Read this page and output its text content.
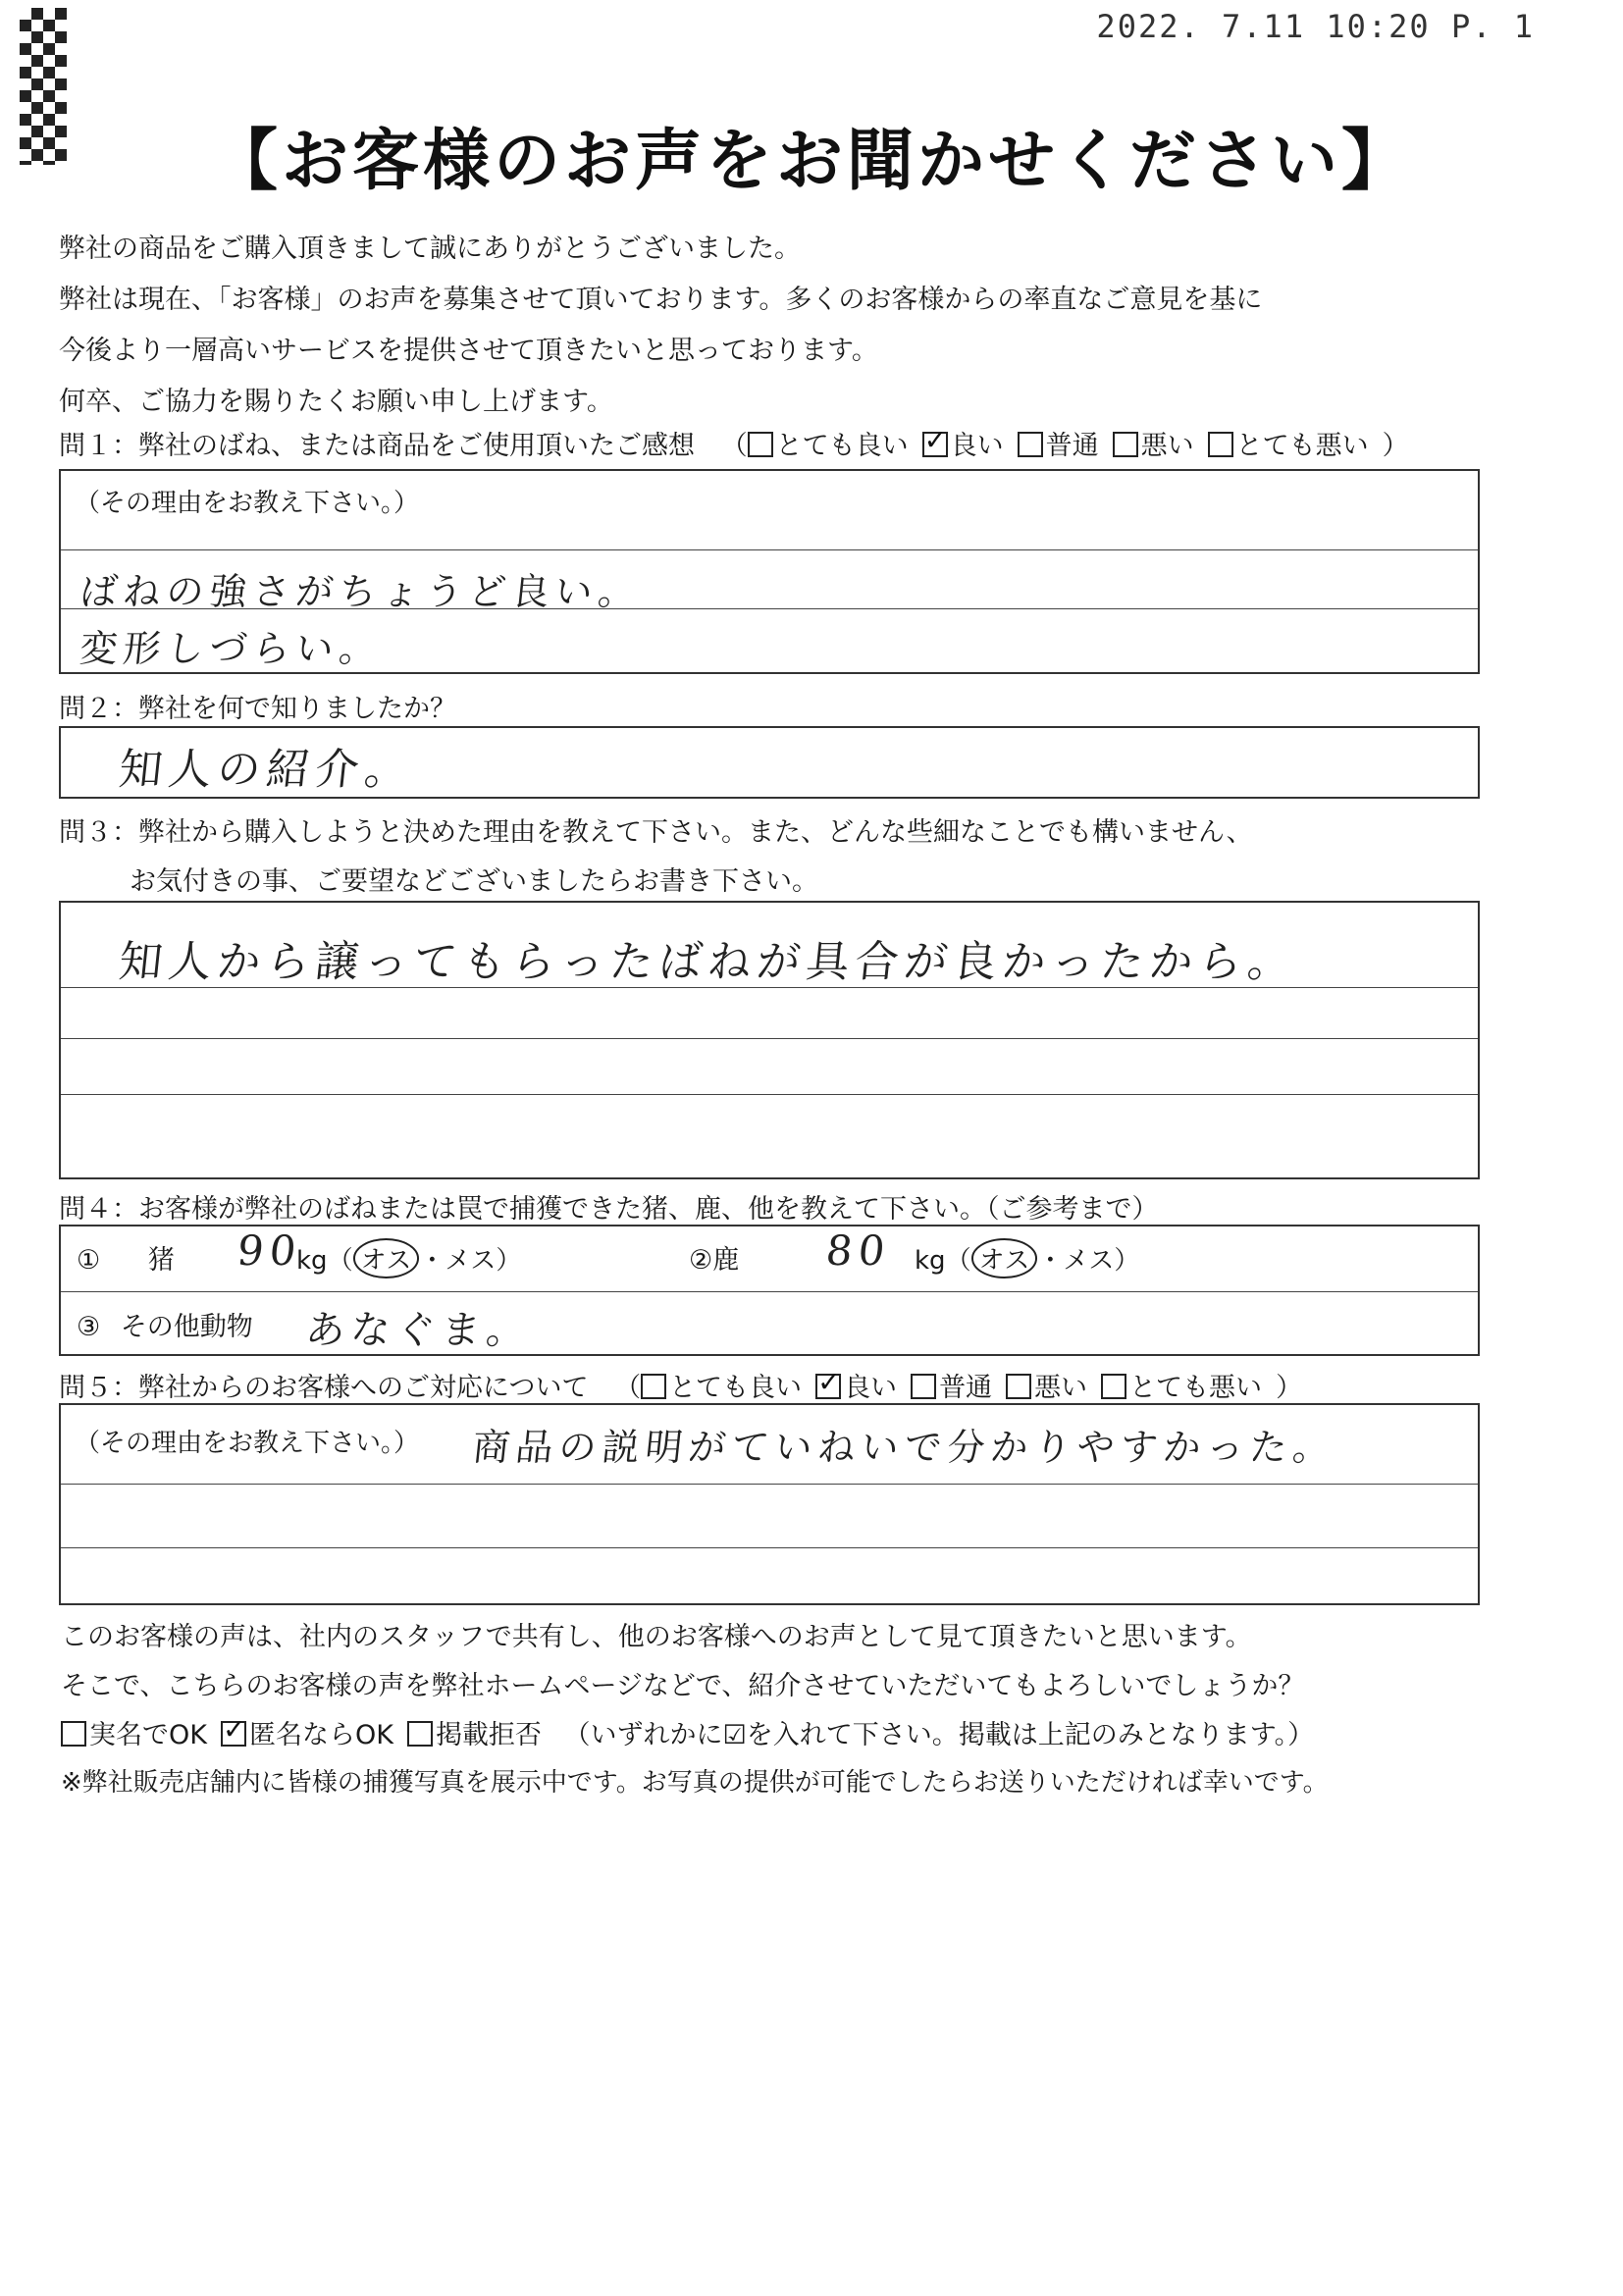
2022. 7.11 10:20 P. 1
【お客様のお声をお聞かせください】
弊社の商品をご購入頂きまして誠にありがとうございました。
弊社は現在、「お客様」のお声を募集させて頂いております。多くのお客様からの率直なご意見を基に
今後より一層高いサービスを提供させて頂きたいと思っております。
何卒、ご協力を賜りたくお願い申し上げます。
問１：弊社のばね、または商品をご使用頂いたご感想 （ とても良い ✓ 良い 普通 悪い とても悪い ）
（その理由をお教え下さい。）
ばねの強さがちょうど良い。
変形しづらい。
問２：弊社を何で知りましたか？
知人の紹介。
問３：弊社から購入しようと決めた理由を教えて下さい。また、どんな些細なことでも構いません、
お気付きの事、ご要望などございましたらお書き下さい。
知人から譲ってもらったばねが具合が良かったから。
問４：お客様が弊社のばねまたは罠で捕獲できた猪、鹿、他を教えて下さい。（ご参考まで）
① 猪 90
kg（ オス ・メス）	②鹿 80 kg（ オス ・メス）
③ その他動物 あなぐま。
問５：弊社からのお客様へのご対応について （ とても良い ✓ 良い 普通 悪い とても悪い ）
（その理由をお教え下さい。） 商品の説明がていねいで分かりやすかった。
このお客様の声は、社内のスタッフで共有し、他のお客様へのお声として見て頂きたいと思います。
そこで、こちらのお客様の声を弊社ホームページなどで、紹介させていただいてもよろしいでしょうか？
実名でOK ✓ 匿名ならOK 掲載拒否 （いずれかに☑を入れて下さい。掲載は上記のみとなります。）
※弊社販売店舗内に皆様の捕獲写真を展示中です。お写真の提供が可能でしたらお送りいただければ幸いです。
